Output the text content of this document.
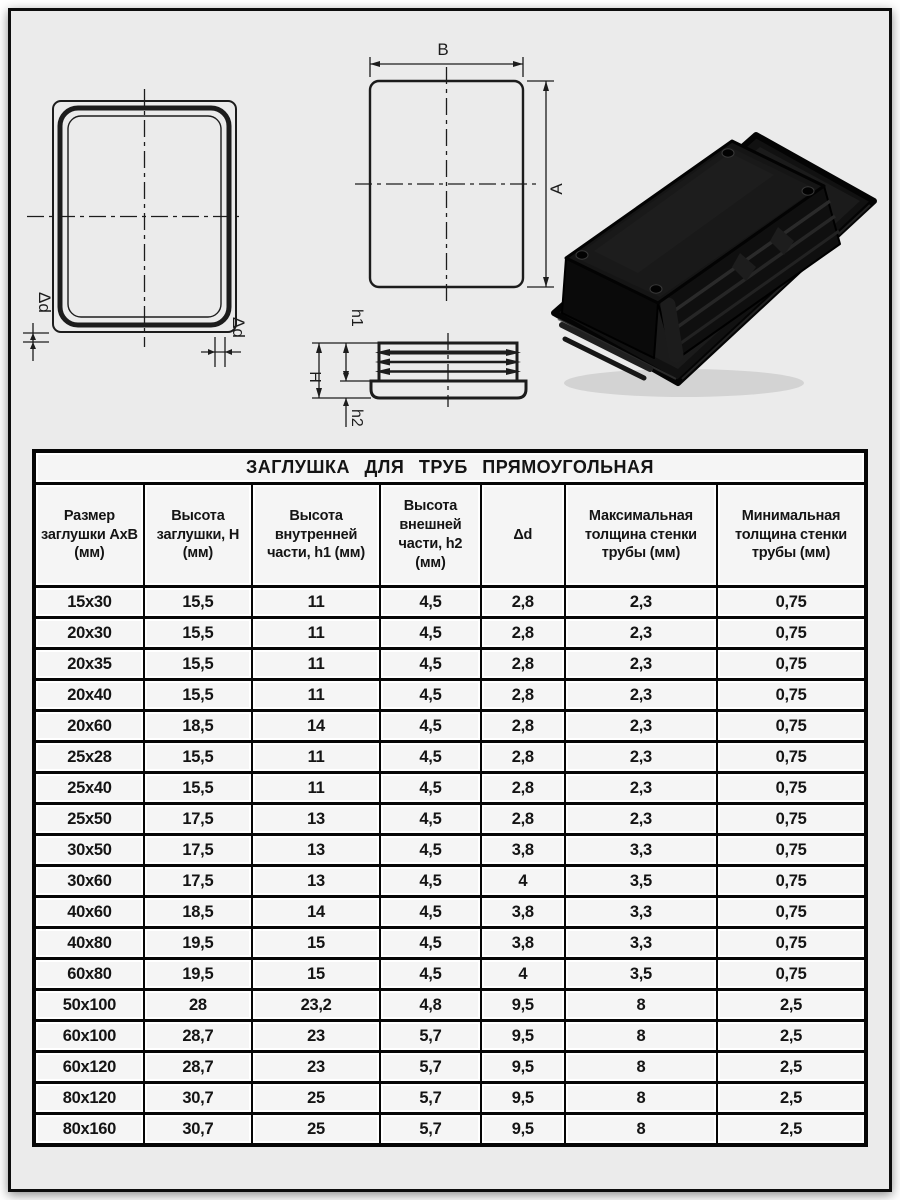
Δd
Δd
B
A
H
h1
h2
ЗАГЛУШКА ДЛЯ ТРУБ ПРЯМОУГОЛЬНАЯ						
Размер заглушки АхВ (мм)	Высота заглушки, Н (мм)	Высота внутренней части, h1 (мм)	Высота внешней части, h2 (мм)	Δd	Максимальная толщина стенки трубы (мм)	Минимальная толщина стенки трубы (мм)
15x30	15,5	11	4,5	2,8	2,3	0,75
20x30	15,5	11	4,5	2,8	2,3	0,75
20x35	15,5	11	4,5	2,8	2,3	0,75
20x40	15,5	11	4,5	2,8	2,3	0,75
20x60	18,5	14	4,5	2,8	2,3	0,75
25x28	15,5	11	4,5	2,8	2,3	0,75
25x40	15,5	11	4,5	2,8	2,3	0,75
25x50	17,5	13	4,5	2,8	2,3	0,75
30x50	17,5	13	4,5	3,8	3,3	0,75
30x60	17,5	13	4,5	4	3,5	0,75
40x60	18,5	14	4,5	3,8	3,3	0,75
40x80	19,5	15	4,5	3,8	3,3	0,75
60x80	19,5	15	4,5	4	3,5	0,75
50x100	28	23,2	4,8	9,5	8	2,5
60x100	28,7	23	5,7	9,5	8	2,5
60x120	28,7	23	5,7	9,5	8	2,5
80x120	30,7	25	5,7	9,5	8	2,5
80x160	30,7	25	5,7	9,5	8	2,5
